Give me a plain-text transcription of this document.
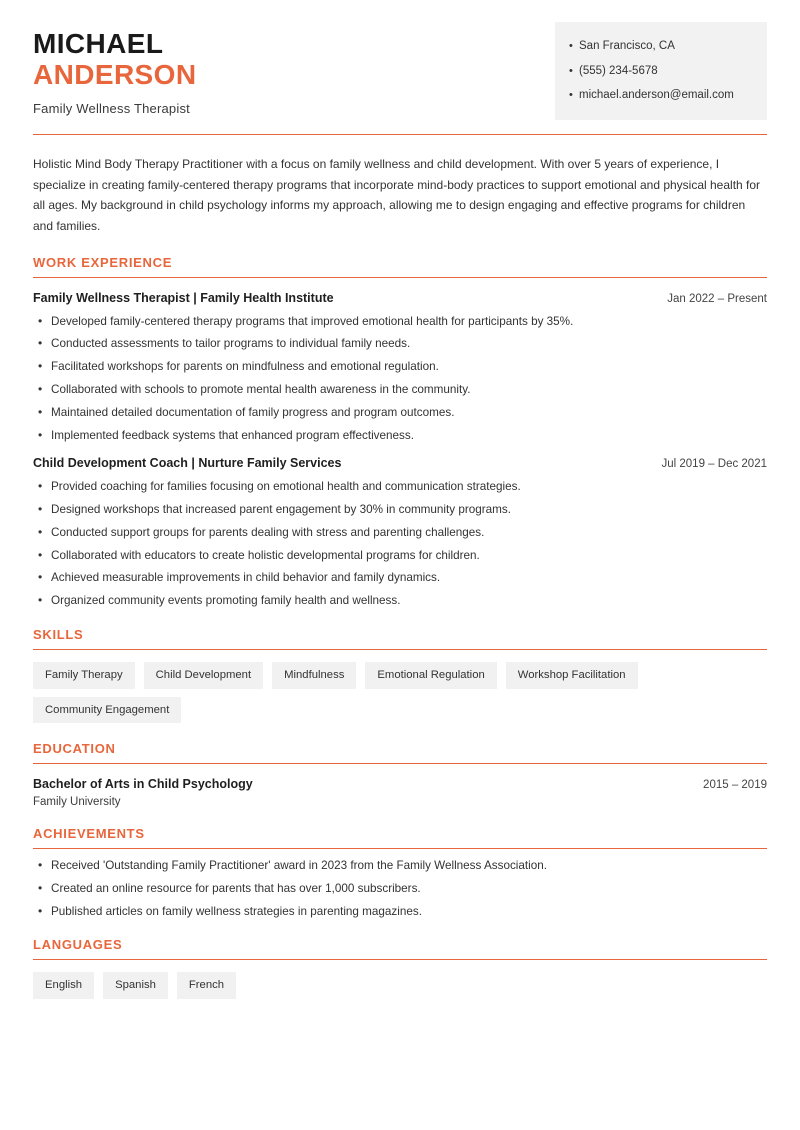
MICHAEL
ANDERSON
Family Wellness Therapist
• San Francisco, CA
• (555) 234-5678
• michael.anderson@email.com
Holistic Mind Body Therapy Practitioner with a focus on family wellness and child development. With over 5 years of experience, I specialize in creating family-centered therapy programs that incorporate mind-body practices to support emotional and physical health for all ages. My background in child psychology informs my approach, allowing me to design engaging and effective programs for children and families.
WORK EXPERIENCE
Family Wellness Therapist | Family Health Institute	Jan 2022 – Present
• Developed family-centered therapy programs that improved emotional health for participants by 35%.
• Conducted assessments to tailor programs to individual family needs.
• Facilitated workshops for parents on mindfulness and emotional regulation.
• Collaborated with schools to promote mental health awareness in the community.
• Maintained detailed documentation of family progress and program outcomes.
• Implemented feedback systems that enhanced program effectiveness.
Child Development Coach | Nurture Family Services	Jul 2019 – Dec 2021
• Provided coaching for families focusing on emotional health and communication strategies.
• Designed workshops that increased parent engagement by 30% in community programs.
• Conducted support groups for parents dealing with stress and parenting challenges.
• Collaborated with educators to create holistic developmental programs for children.
• Achieved measurable improvements in child behavior and family dynamics.
• Organized community events promoting family health and wellness.
SKILLS
Family Therapy	Child Development	Mindfulness	Emotional Regulation	Workshop Facilitation
Community Engagement
EDUCATION
Bachelor of Arts in Child Psychology	2015 – 2019
Family University
ACHIEVEMENTS
• Received 'Outstanding Family Practitioner' award in 2023 from the Family Wellness Association.
• Created an online resource for parents that has over 1,000 subscribers.
• Published articles on family wellness strategies in parenting magazines.
LANGUAGES
English	Spanish	French
